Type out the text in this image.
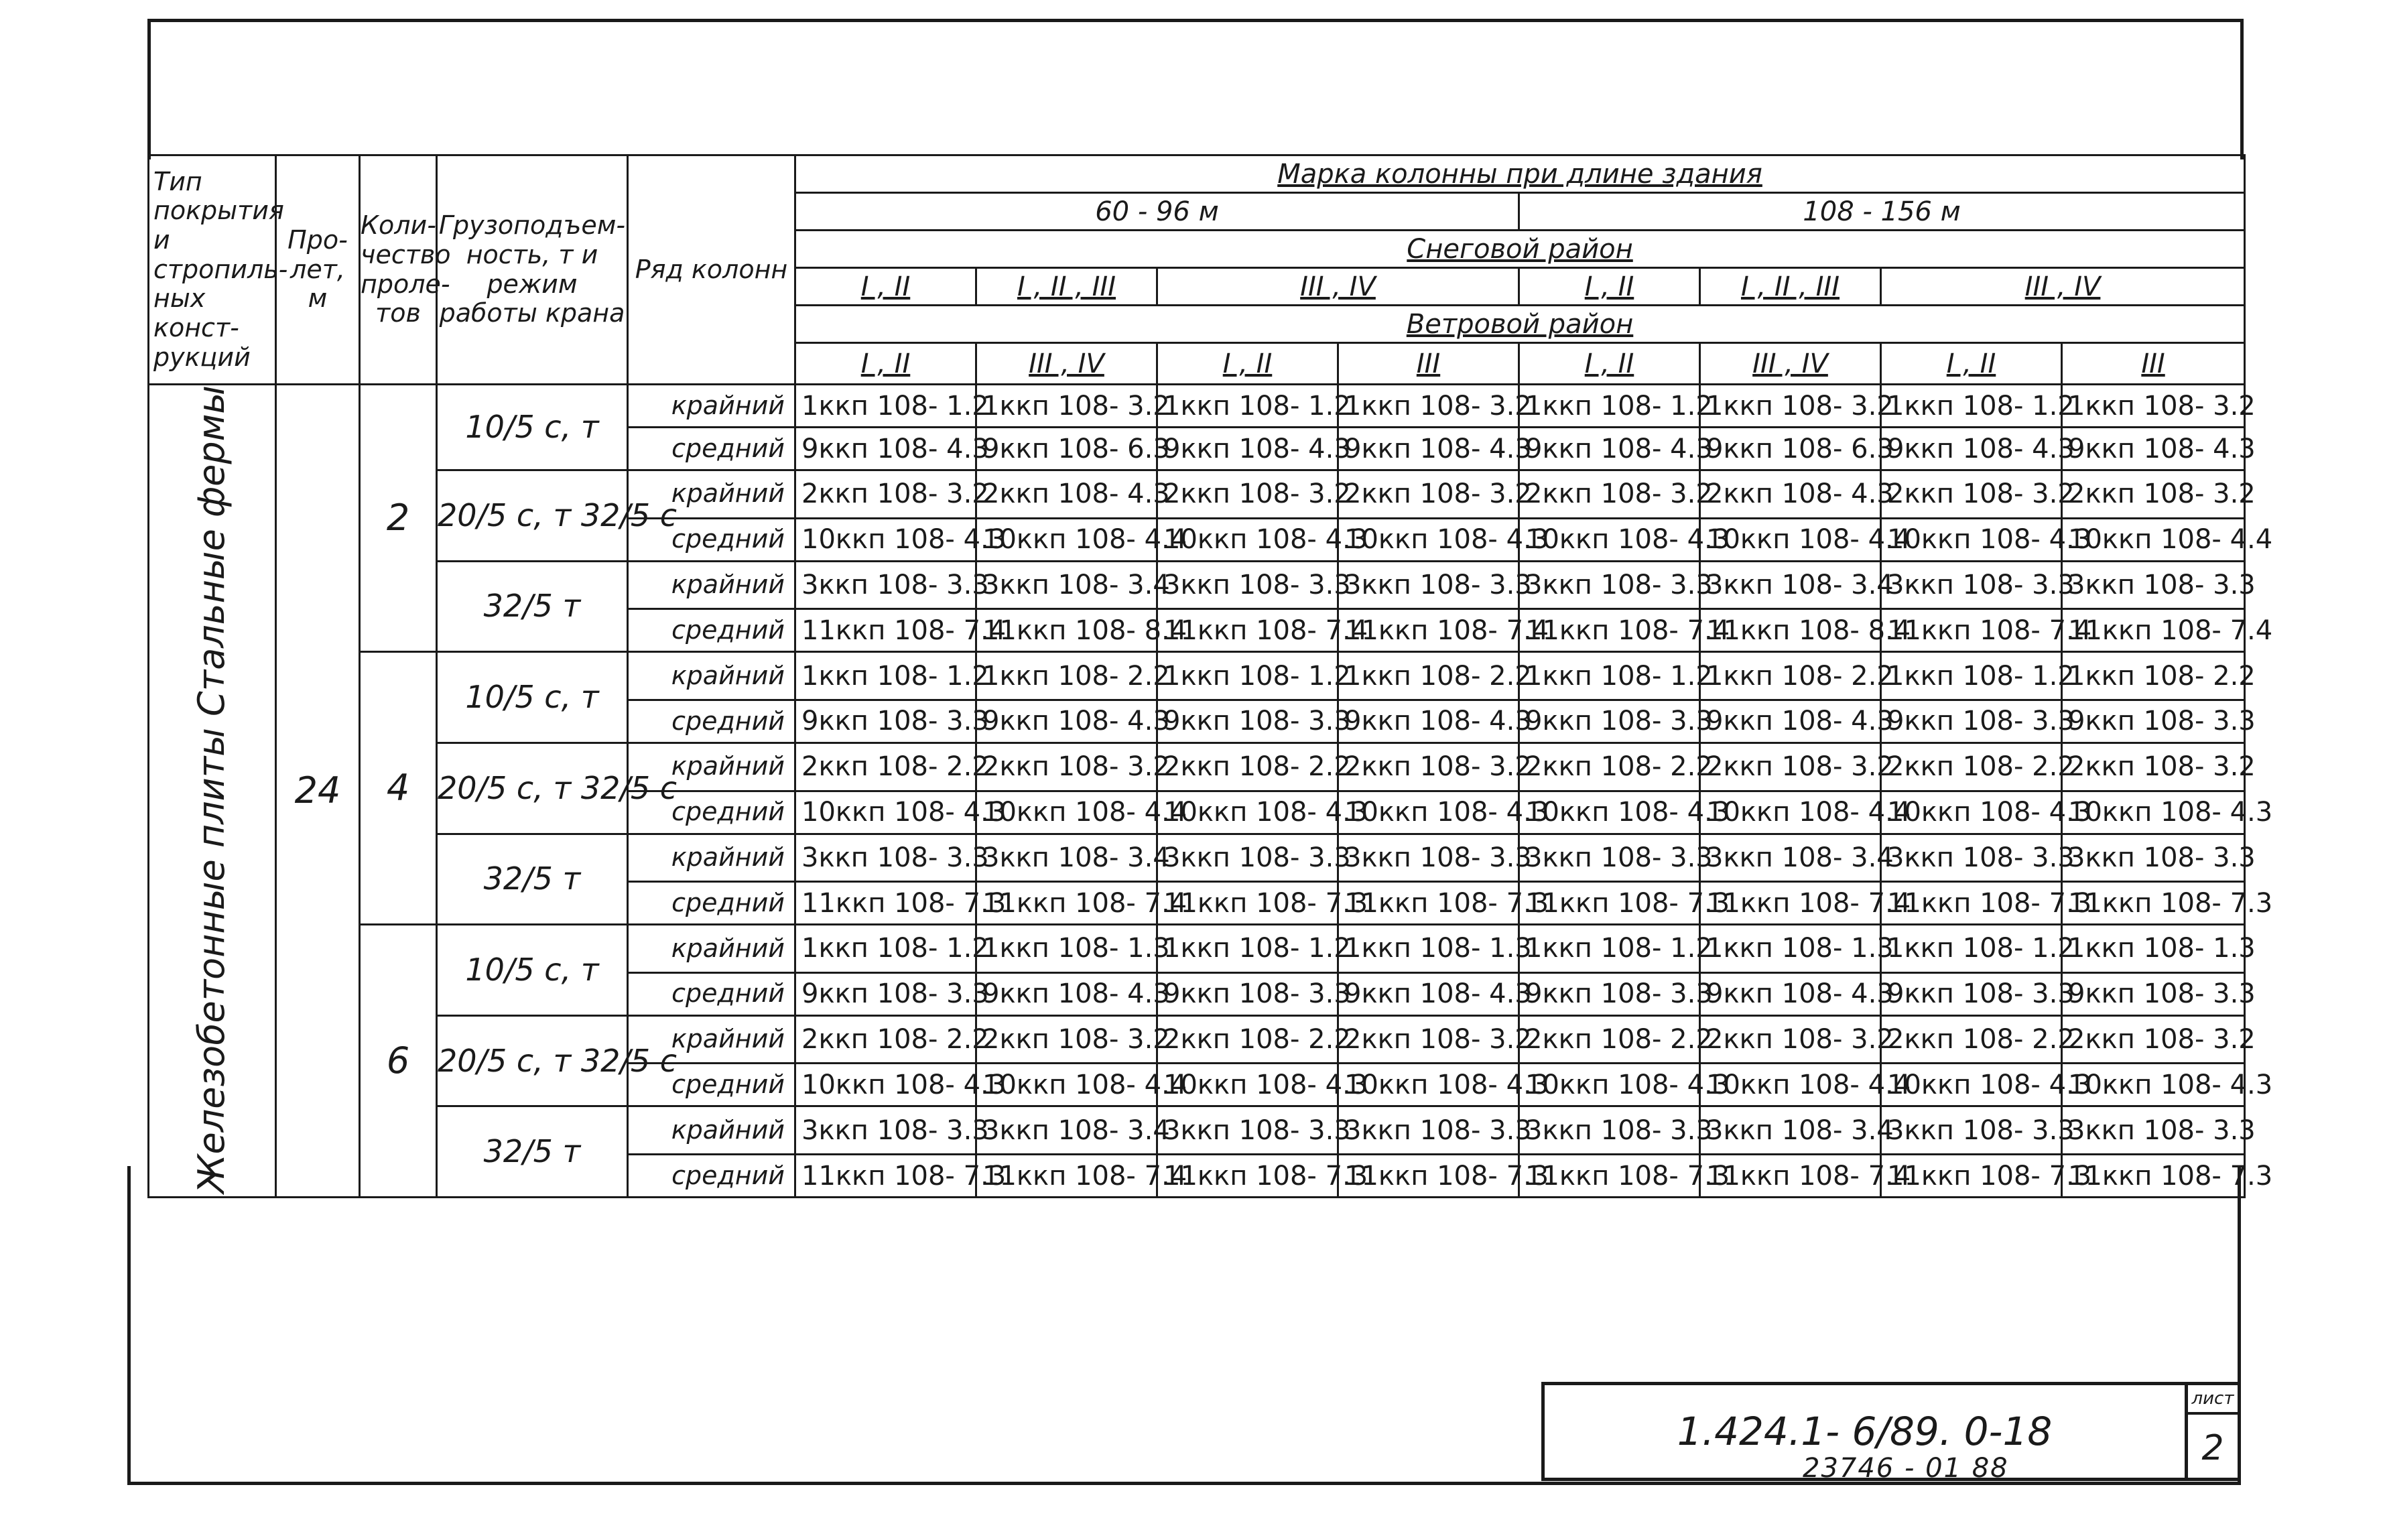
Тип покрытия и стропиль- ных конст- рукций	Про- лет, м	Коли- чество проле- тов	Грузоподъем- ность, т и режим работы крана	Ряд колонн	Марка колонны при длине здания							
					60 - 96 м				108 - 156 м			
					Снеговой район							
					I , II	I , II , III	III , IV		I , II	I , II , III	III , IV	
					Ветровой район							
					I , II	III , IV	I , II	III	I , II	III , IV	I , II	III
Железобетонные плиты Стальные фермы	24	2	10/5 с, т	крайний	1ккп 108- 1.2	1ккп 108- 3.2	1ккп 108- 1.2	1ккп 108- 3.2	1ккп 108- 1.2	1ккп 108- 3.2	1ккп 108- 1.2	1ккп 108- 3.2
				средний	9ккп 108- 4.3	9ккп 108- 6.3	9ккп 108- 4.3	9ккп 108- 4.3	9ккп 108- 4.3	9ккп 108- 6.3	9ккп 108- 4.3	9ккп 108- 4.3
			20/5 с, т 32/5 с	крайний	2ккп 108- 3.2	2ккп 108- 4.3	2ккп 108- 3.2	2ккп 108- 3.2	2ккп 108- 3.2	2ккп 108- 4.3	2ккп 108- 3.2	2ккп 108- 3.2
				средний	10ккп 108- 4.3	10ккп 108- 4.4	10ккп 108- 4.3	10ккп 108- 4.3	10ккп 108- 4.3	10ккп 108- 4.4	10ккп 108- 4.3	10ккп 108- 4.4
			32/5 т	крайний	3ккп 108- 3.3	3ккп 108- 3.4	3ккп 108- 3.3	3ккп 108- 3.3	3ккп 108- 3.3	3ккп 108- 3.4	3ккп 108- 3.3	3ккп 108- 3.3
				средний	11ккп 108- 7.4	11ккп 108- 8.4	11ккп 108- 7.4	11ккп 108- 7.4	11ккп 108- 7.4	11ккп 108- 8.4	11ккп 108- 7.4	11ккп 108- 7.4
		4	10/5 с, т	крайний	1ккп 108- 1.2	1ккп 108- 2.2	1ккп 108- 1.2	1ккп 108- 2.2	1ккп 108- 1.2	1ккп 108- 2.2	1ккп 108- 1.2	1ккп 108- 2.2
				средний	9ккп 108- 3.3	9ккп 108- 4.3	9ккп 108- 3.3	9ккп 108- 4.3	9ккп 108- 3.3	9ккп 108- 4.3	9ккп 108- 3.3	9ккп 108- 3.3
			20/5 с, т 32/5 с	крайний	2ккп 108- 2.2	2ккп 108- 3.2	2ккп 108- 2.2	2ккп 108- 3.2	2ккп 108- 2.2	2ккп 108- 3.2	2ккп 108- 2.2	2ккп 108- 3.2
				средний	10ккп 108- 4.3	10ккп 108- 4.4	10ккп 108- 4.3	10ккп 108- 4.3	10ккп 108- 4.3	10ккп 108- 4.4	10ккп 108- 4.3	10ккп 108- 4.3
			32/5 т	крайний	3ккп 108- 3.3	3ккп 108- 3.4	3ккп 108- 3.3	3ккп 108- 3.3	3ккп 108- 3.3	3ккп 108- 3.4	3ккп 108- 3.3	3ккп 108- 3.3
				средний	11ккп 108- 7.3	11ккп 108- 7.4	11ккп 108- 7.3	11ккп 108- 7.3	11ккп 108- 7.3	11ккп 108- 7.4	11ккп 108- 7.3	11ккп 108- 7.3
		6	10/5 с, т	крайний	1ккп 108- 1.2	1ккп 108- 1.3	1ккп 108- 1.2	1ккп 108- 1.3	1ккп 108- 1.2	1ккп 108- 1.3	1ккп 108- 1.2	1ккп 108- 1.3
				средний	9ккп 108- 3.3	9ккп 108- 4.3	9ккп 108- 3.3	9ккп 108- 4.3	9ккп 108- 3.3	9ккп 108- 4.3	9ккп 108- 3.3	9ккп 108- 3.3
			20/5 с, т 32/5 с	крайний	2ккп 108- 2.2	2ккп 108- 3.2	2ккп 108- 2.2	2ккп 108- 3.2	2ккп 108- 2.2	2ккп 108- 3.2	2ккп 108- 2.2	2ккп 108- 3.2
				средний	10ккп 108- 4.3	10ккп 108- 4.4	10ккп 108- 4.3	10ккп 108- 4.3	10ккп 108- 4.3	10ккп 108- 4.4	10ккп 108- 4.3	10ккп 108- 4.3
			32/5 т	крайний	3ккп 108- 3.3	3ккп 108- 3.4	3ккп 108- 3.3	3ккп 108- 3.3	3ккп 108- 3.3	3ккп 108- 3.4	3ккп 108- 3.3	3ккп 108- 3.3
				средний	11ккп 108- 7.3	11ккп 108- 7.4	11ккп 108- 7.3	11ккп 108- 7.3	11ккп 108- 7.3	11ккп 108- 7.4	11ккп 108- 7.3	11ккп 108- 7.3
1.424.1- 6/89. 0-18
лист
2
23746 - 01 88
